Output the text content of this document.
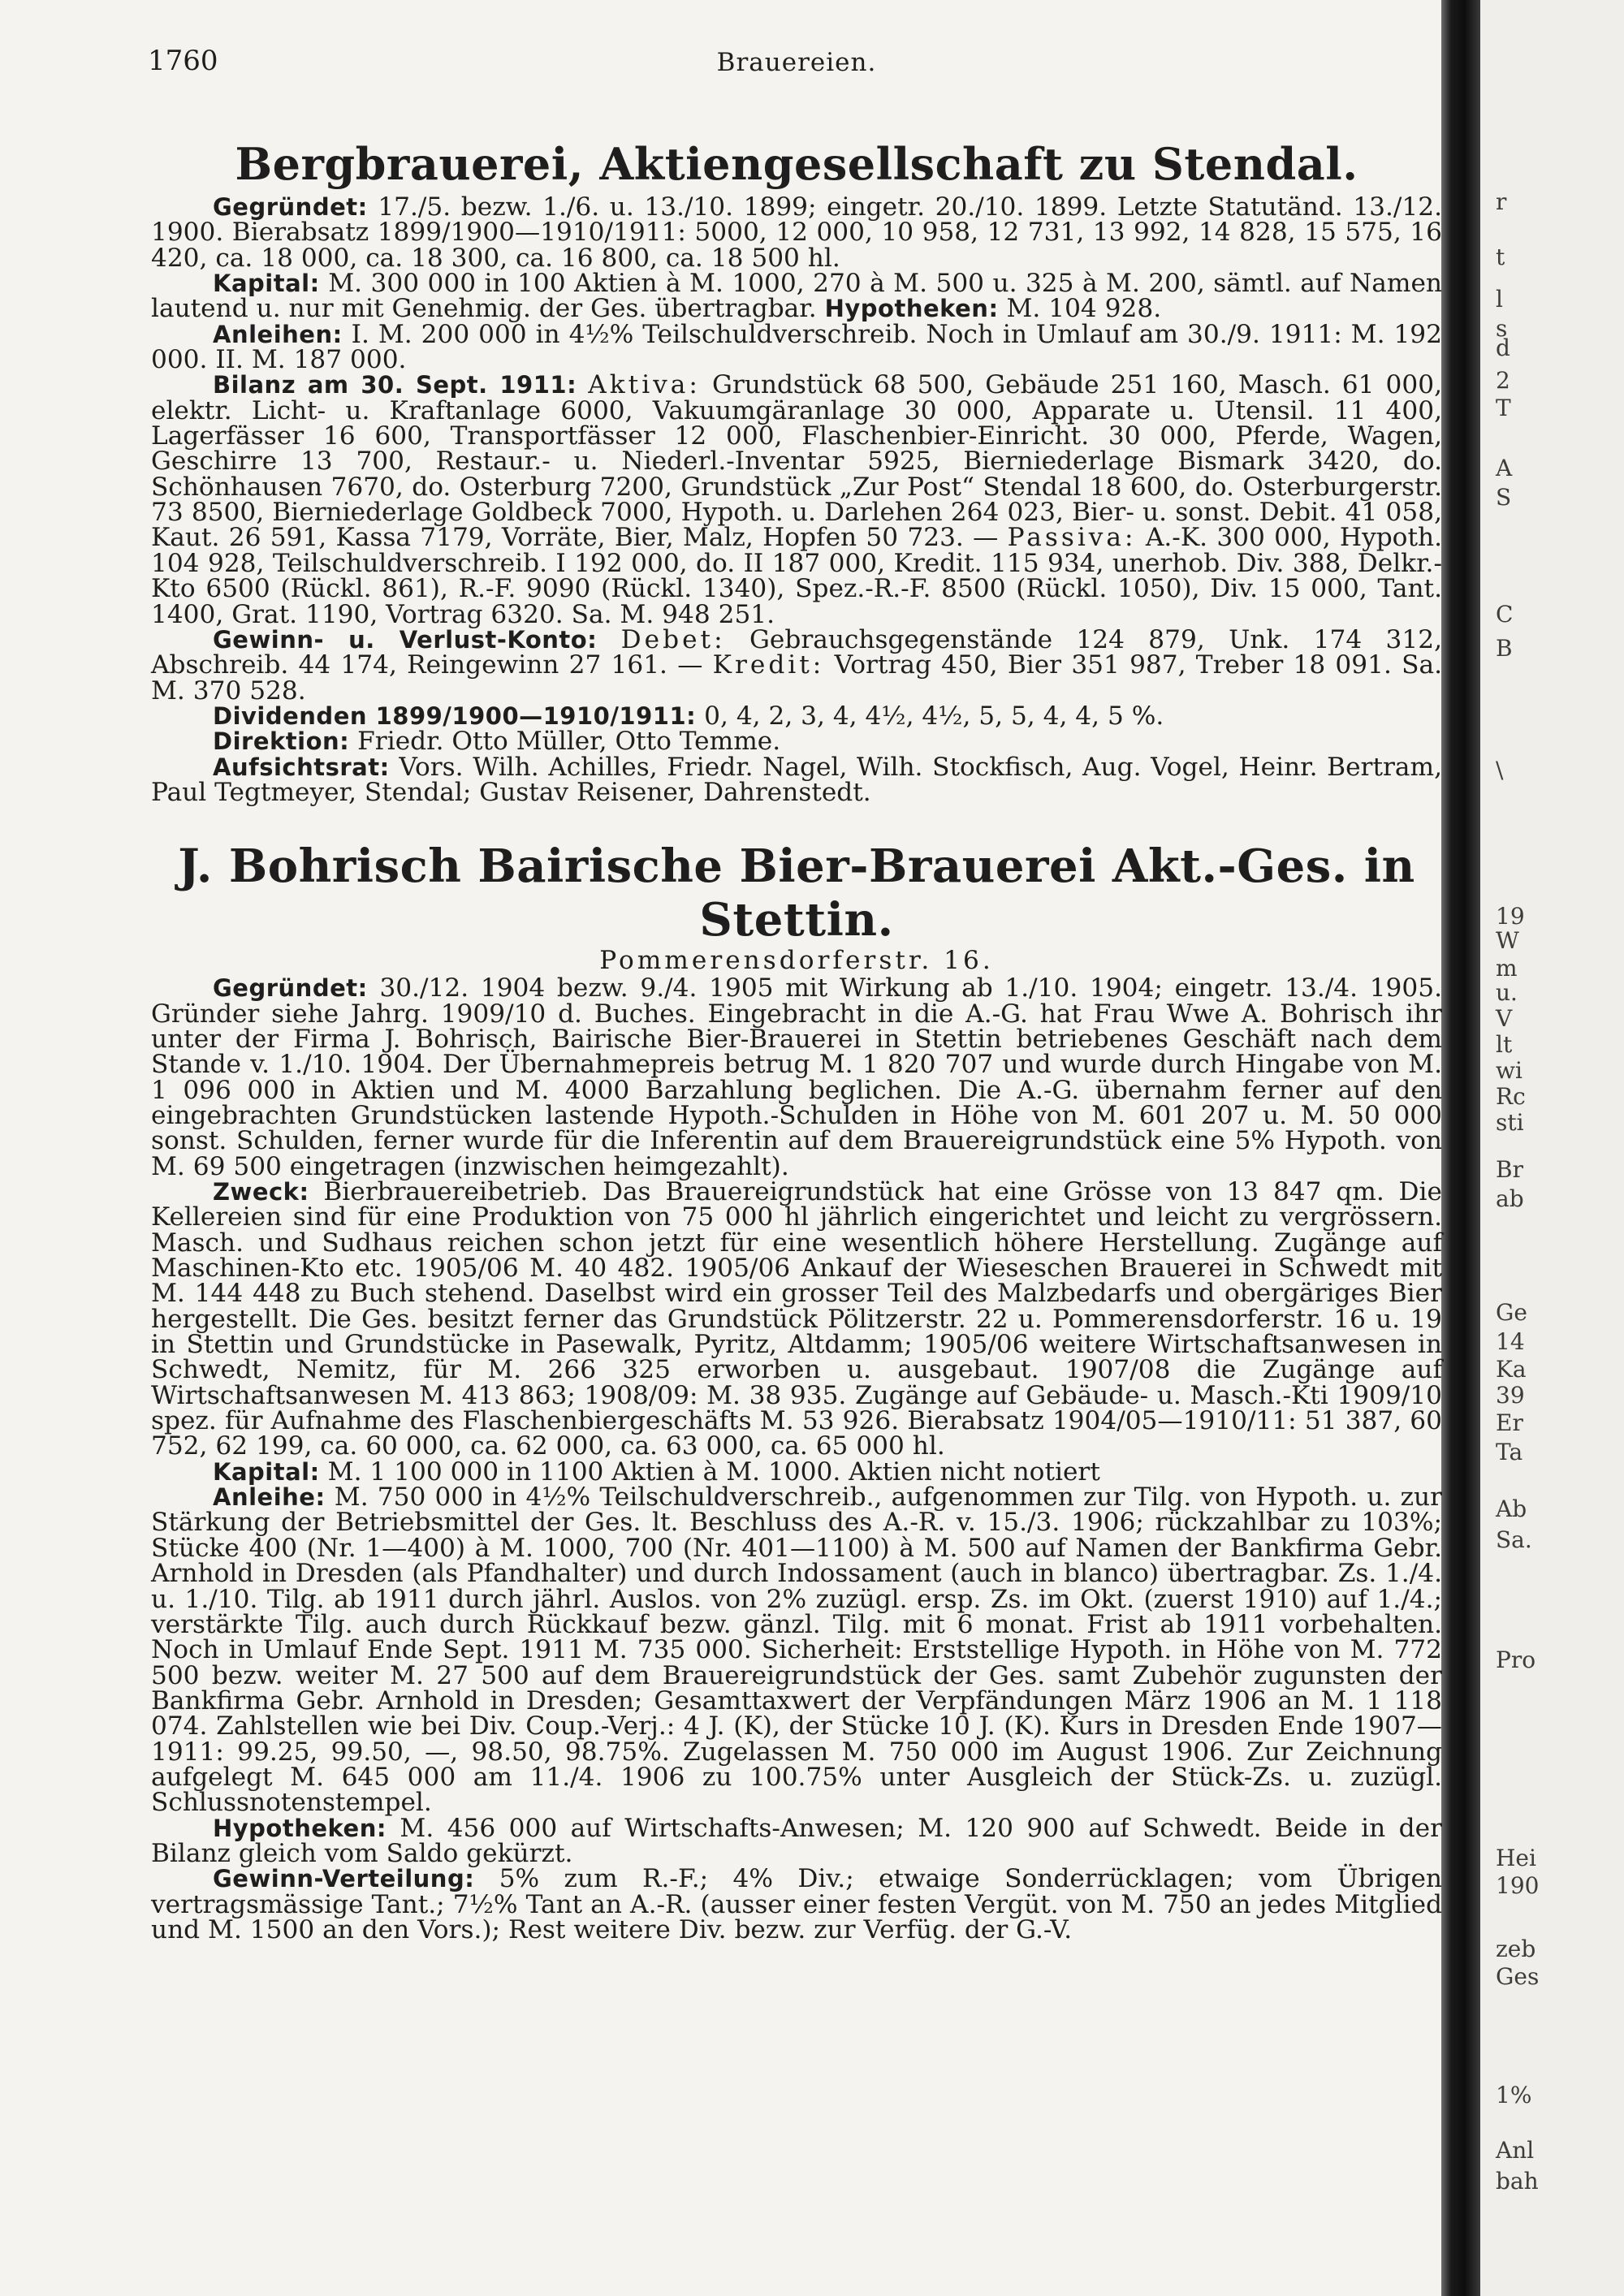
r
t
l
s
d
2
T
A
S
C
B
\
19
W
m
u.
V
lt
wi
Rc
sti
Br
ab
Ge
14
Ka
39
Er
Ta
Ab
Sa.
Pro
Hei
190
zeb
Ges
1%
Anl
bah
1760	Brauereien.
Bergbrauerei, Aktiengesellschaft zu Stendal.

Gegründet: 17./5. bezw. 1./6. u. 13./10. 1899; eingetr. 20./10. 1899. Letzte Statutänd. 13./12. 1900. Bierabsatz 1899/1900—1910/1911: 5000, 12 000, 10 958, 12 731, 13 992, 14 828, 15 575, 16 420, ca. 18 000, ca. 18 300, ca. 16 800, ca. 18 500 hl.

Kapital: M. 300 000 in 100 Aktien à M. 1000, 270 à M. 500 u. 325 à M. 200, sämtl. auf Namen lautend u. nur mit Genehmig. der Ges. übertragbar. Hypotheken: M. 104 928.

Anleihen: I. M. 200 000 in 4½% Teilschuldverschreib. Noch in Umlauf am 30./9. 1911: M. 192 000. II. M. 187 000.

Bilanz am 30. Sept. 1911: Aktiva: Grundstück 68 500, Gebäude 251 160, Masch. 61 000, elektr. Licht- u. Kraftanlage 6000, Vakuumgäranlage 30 000, Apparate u. Utensil. 11 400, Lagerfässer 16 600, Transportfässer 12 000, Flaschenbier-Einricht. 30 000, Pferde, Wagen, Geschirre 13 700, Restaur.- u. Niederl.-Inventar 5925, Bierniederlage Bismark 3420, do. Schönhausen 7670, do. Osterburg 7200, Grundstück „Zur Post“ Stendal 18 600, do. Osterburgerstr. 73 8500, Bierniederlage Goldbeck 7000, Hypoth. u. Darlehen 264 023, Bier- u. sonst. Debit. 41 058, Kaut. 26 591, Kassa 7179, Vorräte, Bier, Malz, Hopfen 50 723. — Passiva: A.-K. 300 000, Hypoth. 104 928, Teilschuldverschreib. I 192 000, do. II 187 000, Kredit. 115 934, unerhob. Div. 388, Delkr.-Kto 6500 (Rückl. 861), R.-F. 9090 (Rückl. 1340), Spez.-R.-F. 8500 (Rückl. 1050), Div. 15 000, Tant. 1400, Grat. 1190, Vortrag 6320. Sa. M. 948 251.

Gewinn- u. Verlust-Konto: Debet: Gebrauchsgegenstände 124 879, Unk. 174 312, Abschreib. 44 174, Reingewinn 27 161. — Kredit: Vortrag 450, Bier 351 987, Treber 18 091. Sa. M. 370 528.

Dividenden 1899/1900—1910/1911: 0, 4, 2, 3, 4, 4½, 4½, 5, 5, 4, 4, 5 %.

Direktion: Friedr. Otto Müller, Otto Temme.

Aufsichtsrat: Vors. Wilh. Achilles, Friedr. Nagel, Wilh. Stockfisch, Aug. Vogel, Heinr. Bertram, Paul Tegtmeyer, Stendal; Gustav Reisener, Dahrenstedt.

J. Bohrisch Bairische Bier-Brauerei Akt.-Ges. in Stettin.
Pommerensdorferstr. 16.

Gegründet: 30./12. 1904 bezw. 9./4. 1905 mit Wirkung ab 1./10. 1904; eingetr. 13./4. 1905. Gründer siehe Jahrg. 1909/10 d. Buches. Eingebracht in die A.-G. hat Frau Wwe A. Bohrisch ihr unter der Firma J. Bohrisch, Bairische Bier-Brauerei in Stettin betriebenes Geschäft nach dem Stande v. 1./10. 1904. Der Übernahmepreis betrug M. 1 820 707 und wurde durch Hingabe von M. 1 096 000 in Aktien und M. 4000 Barzahlung beglichen. Die A.-G. übernahm ferner auf den eingebrachten Grundstücken lastende Hypoth.-Schulden in Höhe von M. 601 207 u. M. 50 000 sonst. Schulden, ferner wurde für die Inferentin auf dem Brauereigrundstück eine 5% Hypoth. von M. 69 500 eingetragen (inzwischen heimgezahlt).

Zweck: Bierbrauereibetrieb. Das Brauereigrundstück hat eine Grösse von 13 847 qm. Die Kellereien sind für eine Produktion von 75 000 hl jährlich eingerichtet und leicht zu vergrössern. Masch. und Sudhaus reichen schon jetzt für eine wesentlich höhere Herstellung. Zugänge auf Maschinen-Kto etc. 1905/06 M. 40 482. 1905/06 Ankauf der Wieseschen Brauerei in Schwedt mit M. 144 448 zu Buch stehend. Daselbst wird ein grosser Teil des Malzbedarfs und obergäriges Bier hergestellt. Die Ges. besitzt ferner das Grundstück Pölitzerstr. 22 u. Pommerensdorferstr. 16 u. 19 in Stettin und Grundstücke in Pasewalk, Pyritz, Altdamm; 1905/06 weitere Wirtschaftsanwesen in Schwedt, Nemitz, für M. 266 325 erworben u. ausgebaut. 1907/08 die Zugänge auf Wirtschaftsanwesen M. 413 863; 1908/09: M. 38 935. Zugänge auf Gebäude- u. Masch.-Kti 1909/10 spez. für Aufnahme des Flaschenbiergeschäfts M. 53 926. Bierabsatz 1904/05—1910/11: 51 387, 60 752, 62 199, ca. 60 000, ca. 62 000, ca. 63 000, ca. 65 000 hl.

Kapital: M. 1 100 000 in 1100 Aktien à M. 1000. Aktien nicht notiert

Anleihe: M. 750 000 in 4½% Teilschuldverschreib., aufgenommen zur Tilg. von Hypoth. u. zur Stärkung der Betriebsmittel der Ges. lt. Beschluss des A.-R. v. 15./3. 1906; rückzahlbar zu 103%; Stücke 400 (Nr. 1—400) à M. 1000, 700 (Nr. 401—1100) à M. 500 auf Namen der Bankfirma Gebr. Arnhold in Dresden (als Pfandhalter) und durch Indossament (auch in blanco) übertragbar. Zs. 1./4. u. 1./10. Tilg. ab 1911 durch jährl. Auslos. von 2% zuzügl. ersp. Zs. im Okt. (zuerst 1910) auf 1./4.; verstärkte Tilg. auch durch Rückkauf bezw. gänzl. Tilg. mit 6 monat. Frist ab 1911 vorbehalten. Noch in Umlauf Ende Sept. 1911 M. 735 000. Sicherheit: Erststellige Hypoth. in Höhe von M. 772 500 bezw. weiter M. 27 500 auf dem Brauereigrundstück der Ges. samt Zubehör zugunsten der Bankfirma Gebr. Arnhold in Dresden; Gesamttaxwert der Verpfändungen März 1906 an M. 1 118 074. Zahlstellen wie bei Div. Coup.-Verj.: 4 J. (K), der Stücke 10 J. (K). Kurs in Dresden Ende 1907—1911: 99.25, 99.50, —, 98.50, 98.75%. Zugelassen M. 750 000 im August 1906. Zur Zeichnung aufgelegt M. 645 000 am 11./4. 1906 zu 100.75% unter Ausgleich der Stück-Zs. u. zuzügl. Schlussnotenstempel.

Hypotheken: M. 456 000 auf Wirtschafts-Anwesen; M. 120 900 auf Schwedt. Beide in der Bilanz gleich vom Saldo gekürzt.

Gewinn-Verteilung: 5% zum R.-F.; 4% Div.; etwaige Sonderrücklagen; vom Übrigen vertragsmässige Tant.; 7½% Tant an A.-R. (ausser einer festen Vergüt. von M. 750 an jedes Mitglied und M. 1500 an den Vors.); Rest weitere Div. bezw. zur Verfüg. der G.-V.
